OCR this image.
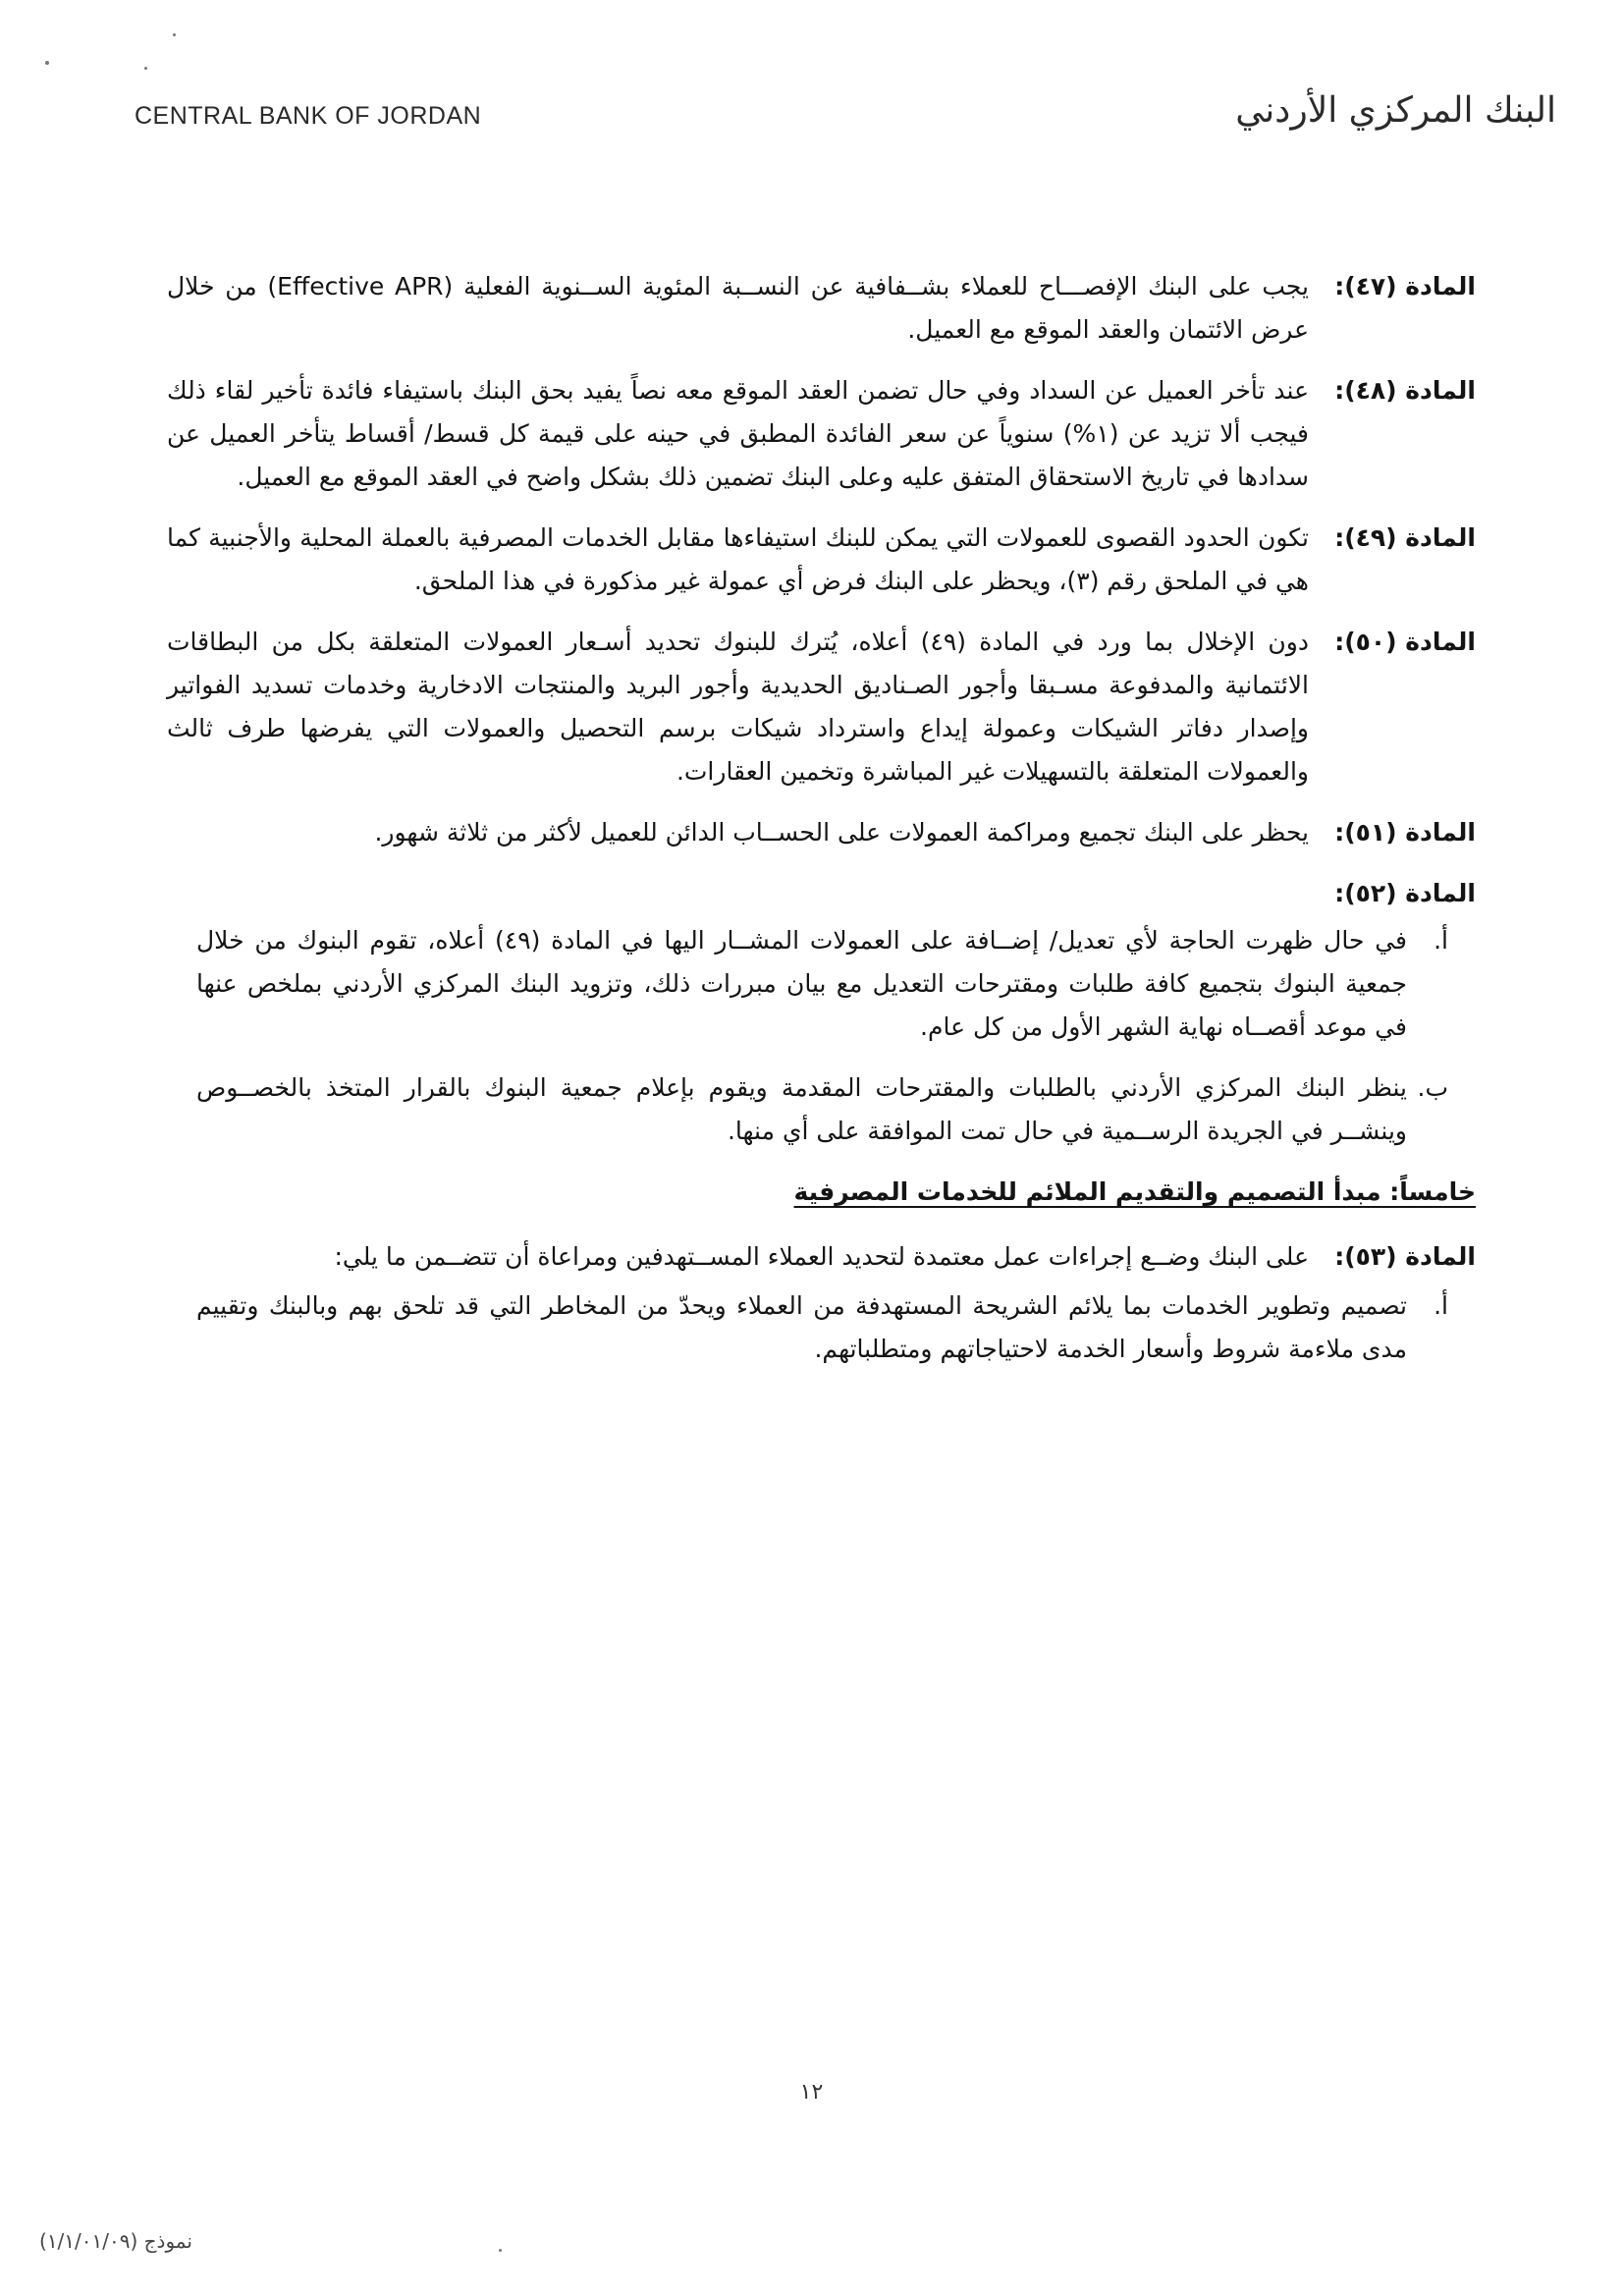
CENTRAL BANK OF JORDAN	البنك المركزي الأردني
المادة (٤٧):
يجب على البنك الإفصـــاح للعملاء بشــفافية عن النســبة المئوية الســنوية الفعلية (Effective APR) من خلال عرض الائتمان والعقد الموقع مع العميل.
المادة (٤٨):
عند تأخر العميل عن السداد وفي حال تضمن العقد الموقع معه نصاً يفيد بحق البنك باستيفاء فائدة تأخير لقاء ذلك فيجب ألا تزيد عن (١%) سنوياً عن سعر الفائدة المطبق في حينه على قيمة كل قسط/ أقساط يتأخر العميل عن سدادها في تاريخ الاستحقاق المتفق عليه وعلى البنك تضمين ذلك بشكل واضح في العقد الموقع مع العميل.
المادة (٤٩):
تكون الحدود القصوى للعمولات التي يمكن للبنك استيفاءها مقابل الخدمات المصرفية بالعملة المحلية والأجنبية كما هي في الملحق رقم (٣)، ويحظر على البنك فرض أي عمولة غير مذكورة في هذا الملحق.
المادة (٥٠):
دون الإخلال بما ورد في المادة (٤٩) أعلاه، يُترك للبنوك تحديد أسـعار العمولات المتعلقة بكل من البطاقات الائتمانية والمدفوعة مسـبقا وأجور الصـناديق الحديدية وأجور البريد والمنتجات الادخارية وخدمات تسديد الفواتير وإصدار دفاتر الشيكات وعمولة إيداع واسترداد شيكات برسم التحصيل والعمولات التي يفرضها طرف ثالث والعمولات المتعلقة بالتسهيلات غير المباشرة وتخمين العقارات.
المادة (٥١):
يحظر على البنك تجميع ومراكمة العمولات على الحســاب الدائن للعميل لأكثر من ثلاثة شهور.
المادة (٥٢):
أ.
في حال ظهرت الحاجة لأي تعديل/ إضــافة على العمولات المشــار اليها في المادة (٤٩) أعلاه، تقوم البنوك من خلال جمعية البنوك بتجميع كافة طلبات ومقترحات التعديل مع بيان مبررات ذلك، وتزويد البنك المركزي الأردني بملخص عنها في موعد أقصــاه نهاية الشهر الأول من كل عام.
ب.
ينظر البنك المركزي الأردني بالطلبات والمقترحات المقدمة ويقوم بإعلام جمعية البنوك بالقرار المتخذ بالخصــوص وينشــر في الجريدة الرســمية في حال تمت الموافقة على أي منها.
خامساً: مبدأ التصميم والتقديم الملائم للخدمات المصرفية
المادة (٥٣):
على البنك وضــع إجراءات عمل معتمدة لتحديد العملاء المســتهدفين ومراعاة أن تتضــمن ما يلي:
أ.
تصميم وتطوير الخدمات بما يلائم الشريحة المستهدفة من العملاء ويحدّ من المخاطر التي قد تلحق بهم وبالبنك وتقييم مدى ملاءمة شروط وأسعار الخدمة لاحتياجاتهم ومتطلباتهم.
١٢
نموذج (١/١/٠١/٠٩)
